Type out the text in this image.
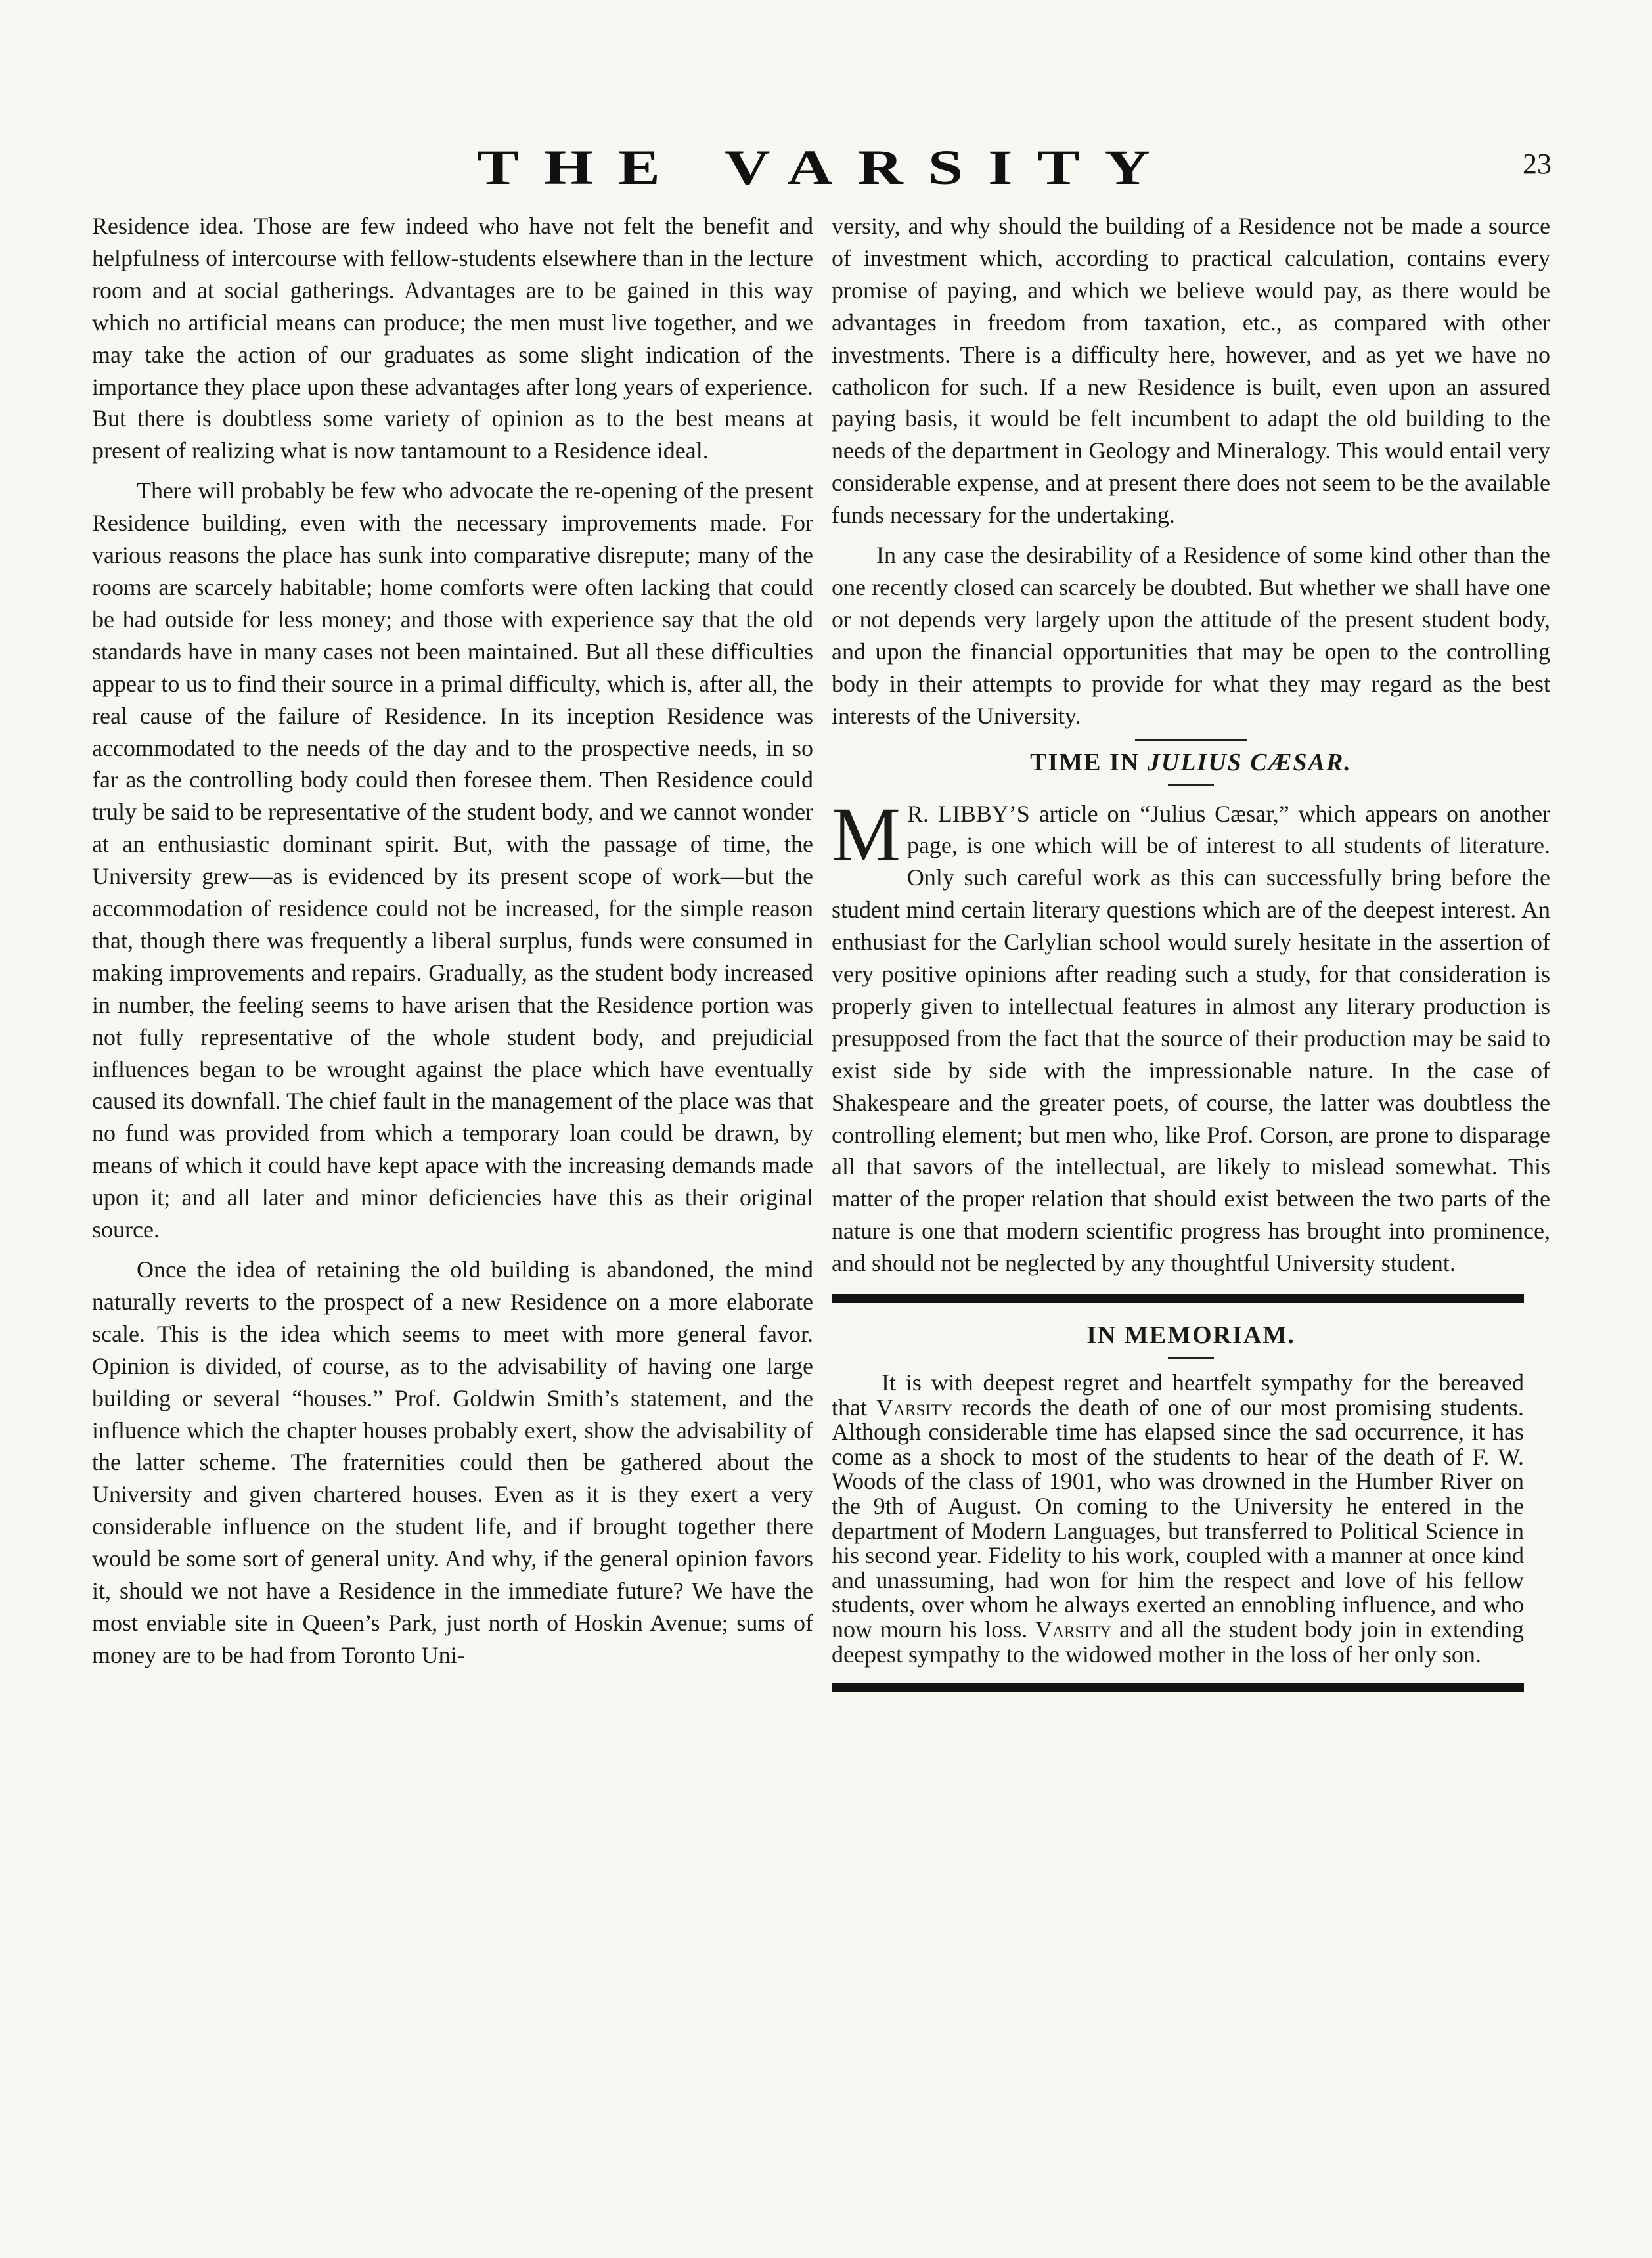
THE VARSITY	23

Residence idea. Those are few indeed who have not felt the benefit and helpfulness of intercourse with fellow-students elsewhere than in the lecture room and at social gatherings. Advantages are to be gained in this way which no artificial means can produce; the men must live together, and we may take the action of our graduates as some slight indication of the importance they place upon these advantages after long years of experience. But there is doubtless some variety of opinion as to the best means at present of realizing what is now tantamount to a Residence ideal.

There will probably be few who advocate the re-opening of the present Residence building, even with the necessary improvements made. For various reasons the place has sunk into comparative disrepute; many of the rooms are scarcely habitable; home comforts were often lacking that could be had outside for less money; and those with experience say that the old standards have in many cases not been maintained. But all these difficulties appear to us to find their source in a primal difficulty, which is, after all, the real cause of the failure of Residence. In its inception Residence was accommodated to the needs of the day and to the prospective needs, in so far as the controlling body could then foresee them. Then Residence could truly be said to be representative of the student body, and we cannot wonder at an enthusiastic dominant spirit. But, with the passage of time, the University grew—as is evidenced by its present scope of work—but the accommodation of residence could not be increased, for the simple reason that, though there was frequently a liberal surplus, funds were consumed in making improvements and repairs. Gradually, as the student body increased in number, the feeling seems to have arisen that the Residence portion was not fully representative of the whole student body, and prejudicial influences began to be wrought against the place which have eventually caused its downfall. The chief fault in the management of the place was that no fund was provided from which a temporary loan could be drawn, by means of which it could have kept apace with the increasing demands made upon it; and all later and minor deficiencies have this as their original source.

Once the idea of retaining the old building is abandoned, the mind naturally reverts to the prospect of a new Residence on a more elaborate scale. This is the idea which seems to meet with more general favor. Opinion is divided, of course, as to the advisability of having one large building or several “houses.” Prof. Goldwin Smith’s statement, and the influence which the chapter houses probably exert, show the advisability of the latter scheme. The fraternities could then be gathered about the University and given chartered houses. Even as it is they exert a very considerable influence on the student life, and if brought together there would be some sort of general unity. And why, if the general opinion favors it, should we not have a Residence in the immediate future? We have the most enviable site in Queen’s Park, just north of Hoskin Avenue; sums of money are to be had from Toronto Uni-

versity, and why should the building of a Residence not be made a source of investment which, according to practical calculation, contains every promise of paying, and which we believe would pay, as there would be advantages in freedom from taxation, etc., as compared with other investments. There is a difficulty here, however, and as yet we have no catholicon for such. If a new Residence is built, even upon an assured paying basis, it would be felt incumbent to adapt the old building to the needs of the department in Geology and Mineralogy. This would entail very considerable expense, and at present there does not seem to be the available funds necessary for the undertaking.

In any case the desirability of a Residence of some kind other than the one recently closed can scarcely be doubted. But whether we shall have one or not depends very largely upon the attitude of the present student body, and upon the financial opportunities that may be open to the controlling body in their attempts to provide for what they may regard as the best interests of the University.

TIME IN JULIUS CÆSAR.
M R. LIBBY’S article on “Julius Cæsar,” which appears on another page, is one which will be of interest to all students of literature. Only such careful work as this can successfully bring before the student mind certain literary questions which are of the deepest interest. An enthusiast for the Carlylian school would surely hesitate in the assertion of very positive opinions after reading such a study, for that consideration is properly given to intellectual features in almost any literary production is presupposed from the fact that the source of their production may be said to exist side by side with the impressionable nature. In the case of Shakespeare and the greater poets, of course, the latter was doubtless the controlling element; but men who, like Prof. Corson, are prone to disparage all that savors of the intellectual, are likely to mislead somewhat. This matter of the proper relation that should exist between the two parts of the nature is one that modern scientific progress has brought into prominence, and should not be neglected by any thoughtful University student.

IN MEMORIAM.

It is with deepest regret and heartfelt sympathy for the bereaved that Varsity records the death of one of our most promising students. Although considerable time has elapsed since the sad occurrence, it has come as a shock to most of the students to hear of the death of F. W. Woods of the class of 1901, who was drowned in the Humber River on the 9th of August. On coming to the University he entered in the department of Modern Languages, but transferred to Political Science in his second year. Fidelity to his work, coupled with a manner at once kind and unassuming, had won for him the respect and love of his fellow students, over whom he always exerted an ennobling influence, and who now mourn his loss. Varsity and all the student body join in extending deepest sympathy to the widowed mother in the loss of her only son.
